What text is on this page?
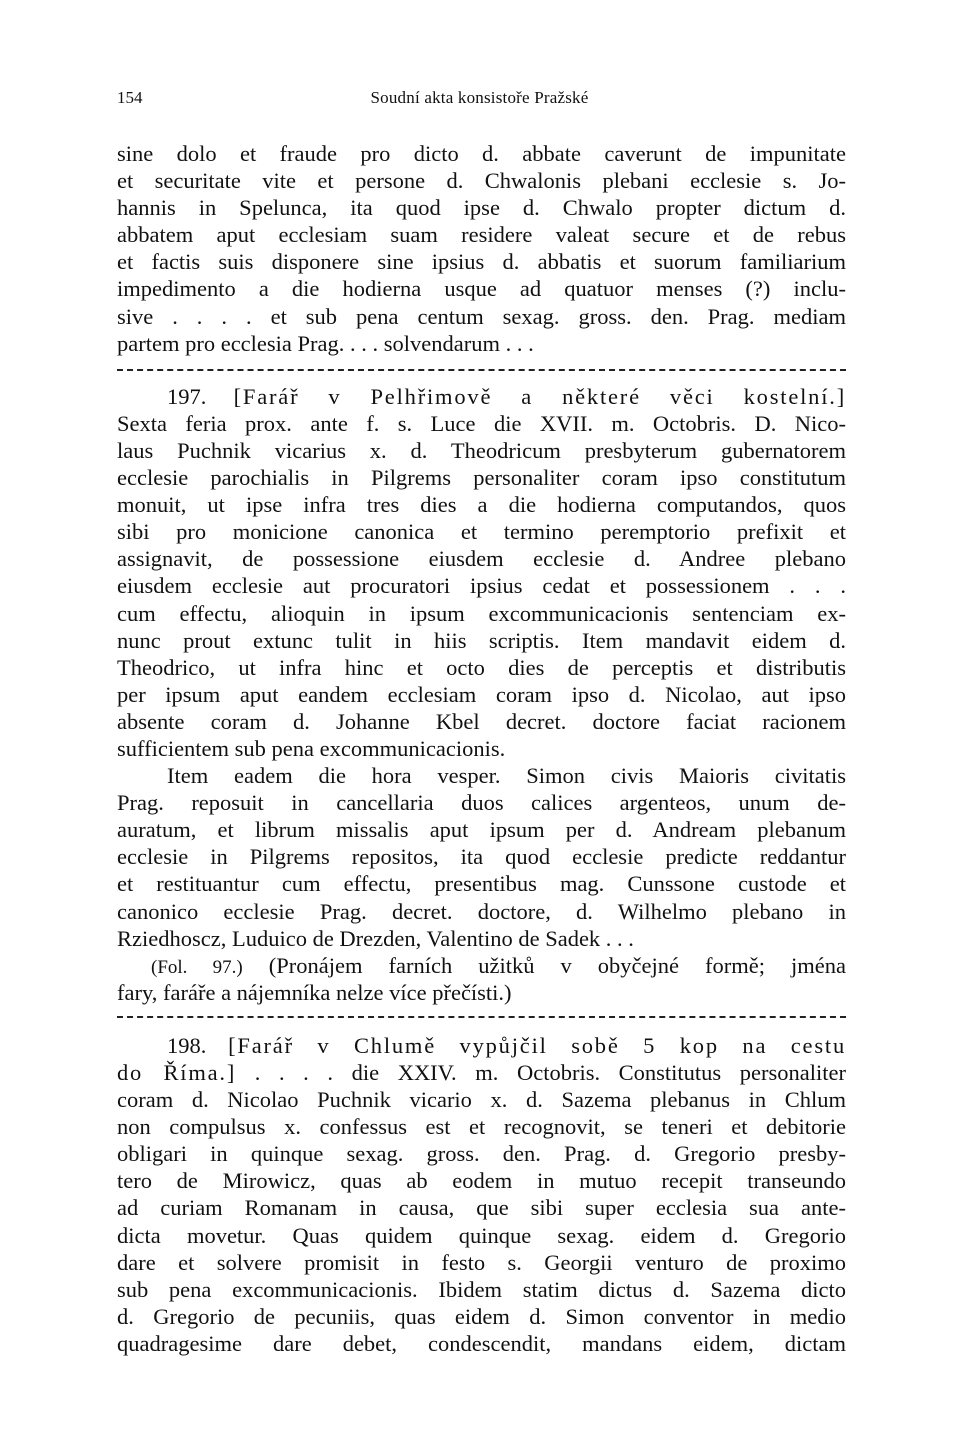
154	Soudní akta konsistoře Pražské
sine dolo et fraude pro dicto d. abbate caverunt de impunitate
et securitate vite et persone d. Chwalonis plebani ecclesie s. Jo-
hannis in Spelunca, ita quod ipse d. Chwalo propter dictum d.
abbatem aput ecclesiam suam residere valeat secure et de rebus
et factis suis disponere sine ipsius d. abbatis et suorum familiarium
impedimento a die hodierna usque ad quatuor menses (?) inclu-
sive . . . . et sub pena centum sexag. gross. den. Prag. mediam
partem pro ecclesia Prag. . . . solvendarum . . .
197. [Farář v Pelhřimově a některé věci kostelní.]
Sexta feria prox. ante f. s. Luce die XVII. m. Octobris. D. Nico-
laus Puchnik vicarius x. d. Theodricum presbyterum gubernatorem
ecclesie parochialis in Pilgrems personaliter coram ipso constitutum
monuit, ut ipse infra tres dies a die hodierna computandos, quos
sibi pro monicione canonica et termino peremptorio prefixit et
assignavit, de possessione eiusdem ecclesie d. Andree plebano
eiusdem ecclesie aut procuratori ipsius cedat et possessionem . . .
cum effectu, alioquin in ipsum excommunicacionis sentenciam ex-
nunc prout extunc tulit in hiis scriptis. Item mandavit eidem d.
Theodrico, ut infra hinc et octo dies de perceptis et distributis
per ipsum aput eandem ecclesiam coram ipso d. Nicolao, aut ipso
absente coram d. Johanne Kbel decret. doctore faciat racionem
sufficientem sub pena excommunicacionis.
Item eadem die hora vesper. Simon civis Maioris civitatis
Prag. reposuit in cancellaria duos calices argenteos, unum de-
auratum, et librum missalis aput ipsum per d. Andream plebanum
ecclesie in Pilgrems repositos, ita quod ecclesie predicte reddantur
et restituantur cum effectu, presentibus mag. Cunssone custode et
canonico ecclesie Prag. decret. doctore, d. Wilhelmo plebano in
Rziedhoscz, Luduico de Drezden, Valentino de Sadek . . .
(Fol. 97.) (Pronájem farních užitků v obyčejné formě; jména
fary, faráře a nájemníka nelze více přečísti.)
198. [Farář v Chlumě vypůjčil sobě 5 kop na cestu
do Říma.] . . . . die XXIV. m. Octobris. Constitutus personaliter
coram d. Nicolao Puchnik vicario x. d. Sazema plebanus in Chlum
non compulsus x. confessus est et recognovit, se teneri et debitorie
obligari in quinque sexag. gross. den. Prag. d. Gregorio presby-
tero de Mirowicz, quas ab eodem in mutuo recepit transeundo
ad curiam Romanam in causa, que sibi super ecclesia sua ante-
dicta movetur. Quas quidem quinque sexag. eidem d. Gregorio
dare et solvere promisit in festo s. Georgii venturo de proximo
sub pena excommunicacionis. Ibidem statim dictus d. Sazema dicto
d. Gregorio de pecuniis, quas eidem d. Simon conventor in medio
quadragesime dare debet, condescendit, mandans eidem, dictam
